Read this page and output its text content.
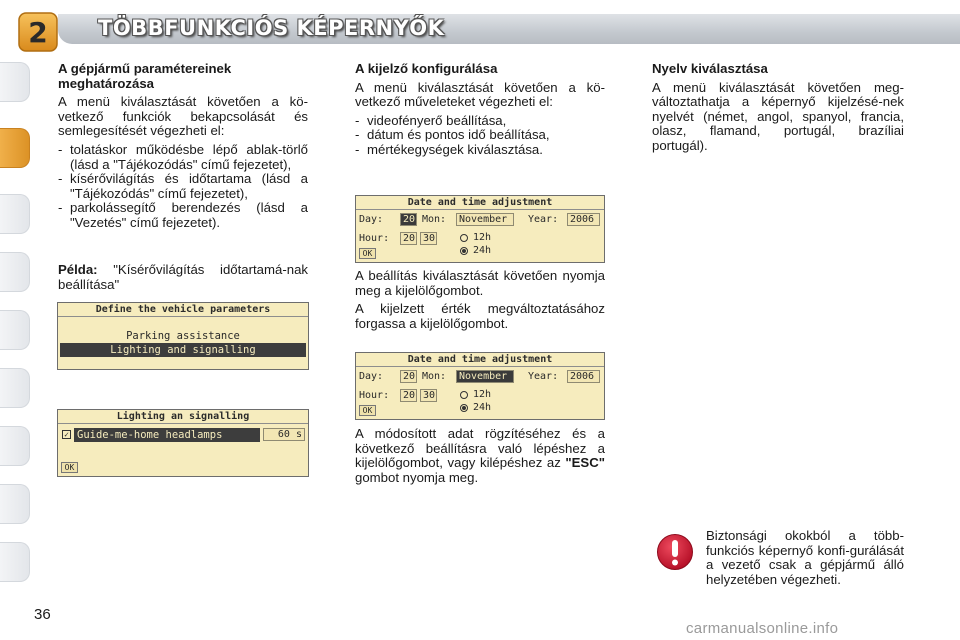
2 TÖBBFUNKCIÓS KÉPERNYŐK

A gépjármű paramétereinek meghatározása

A menü kiválasztását követően a kö-vetkező funkciók bekapcsolását és semlegesítését végezheti el:

- tolatáskor működésbe lépő ablak-törlő (lásd a "Tájékozódás" című fejezetet),
- kísérővilágítás és időtartama (lásd a "Tájékozódás" című fejezetet),
- parkolássegítő berendezés (lásd a "Vezetés" című fejezetet).

Példa: "Kísérővilágítás időtartamá-nak beállítása"

Define the vehicle parameters
Parking assistance
Lighting and signalling
Lighting an signalling
✓ Guide-me-home headlamps	60 s
OK

A kijelző konfigurálása

A menü kiválasztását követően a kö-vetkező műveleteket végezheti el:

- videofényerő beállítása,
- dátum és pontos idő beállítása,
- mértékegységek kiválasztása.
Date and time adjustment
Day:	20 Mon:	November	Year:	2006
Hour:	20 30	12h
24h
OK

A beállítás kiválasztását követően nyomja meg a kijelölőgombot.

A kijelzett érték megváltoztatásához forgassa a kijelölőgombot.

Date and time adjustment
Day:	20 Mon:	November	Year:	2006
Hour:	20 30	12h
24h
OK

A módosított adat rögzítéséhez és a következő beállításra való lépéshez a kijelölőgombot, vagy kilépéshez az "ESC" gombot nyomja meg.

Nyelv kiválasztása

A menü kiválasztását követően meg-változtathatja a képernyő kijelzésé-nek nyelvét (német, angol, spanyol, francia, olasz, flamand, portugál, brazíliai portugál).

Biztonsági okokból a több-funkciós képernyő konfi-gurálását a vezető csak a gépjármű álló helyzetében végezheti.

36
carmanualsonline.info
